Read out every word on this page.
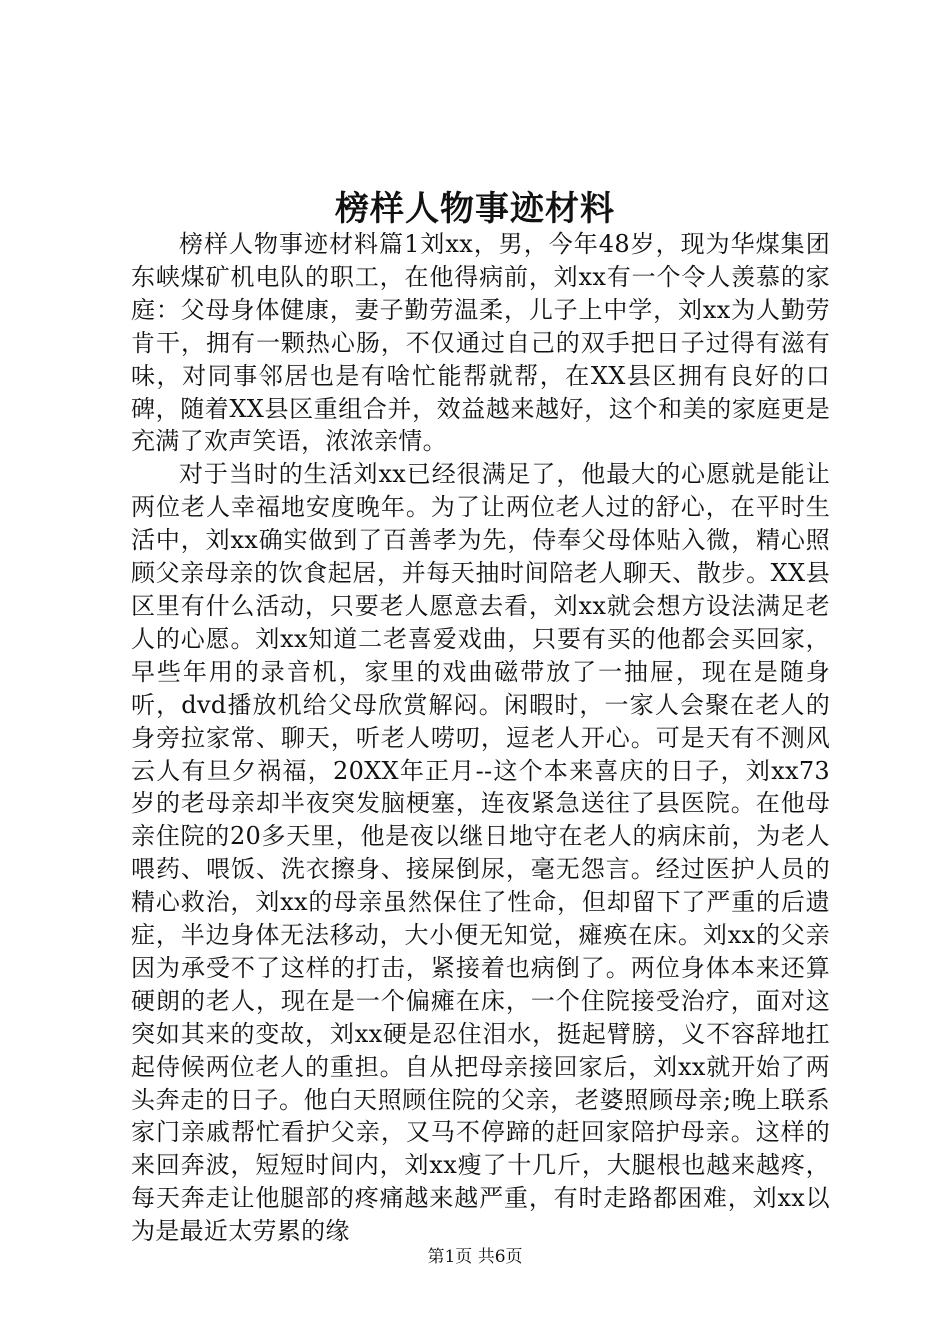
榜样人物事迹材料

榜样人物事迹材料篇1刘xx，男，今年48岁，现为华煤集团东峡煤矿机电队的职工，在他得病前，刘xx有一个令人羡慕的家庭：父母身体健康，妻子勤劳温柔，儿子上中学，刘xx为人勤劳肯干，拥有一颗热心肠，不仅通过自己的双手把日子过得有滋有味，对同事邻居也是有啥忙能帮就帮，在XX县区拥有良好的口碑，随着XX县区重组合并，效益越来越好，这个和美的家庭更是充满了欢声笑语，浓浓亲情。

对于当时的生活刘xx已经很满足了，他最大的心愿就是能让两位老人幸福地安度晚年。为了让两位老人过的舒心，在平时生活中，刘xx确实做到了百善孝为先，侍奉父母体贴入微，精心照顾父亲母亲的饮食起居，并每天抽时间陪老人聊天、散步。XX县区里有什么活动，只要老人愿意去看，刘xx就会想方设法满足老人的心愿。刘xx知道二老喜爱戏曲，只要有买的他都会买回家，早些年用的录音机，家里的戏曲磁带放了一抽屉，现在是随身听，dvd播放机给父母欣赏解闷。闲暇时，一家人会聚在老人的身旁拉家常、聊天，听老人唠叨，逗老人开心。可是天有不测风云人有旦夕祸福，20XX年正月--这个本来喜庆的日子，刘xx73岁的老母亲却半夜突发脑梗塞，连夜紧急送往了县医院。在他母亲住院的20多天里，他是夜以继日地守在老人的病床前，为老人喂药、喂饭、洗衣擦身、接屎倒尿，毫无怨言。经过医护人员的精心救治，刘xx的母亲虽然保住了性命，但却留下了严重的后遗症，半边身体无法移动，大小便无知觉，瘫痪在床。刘xx的父亲因为承受不了这样的打击，紧接着也病倒了。两位身体本来还算硬朗的老人，现在是一个偏瘫在床，一个住院接受治疗，面对这突如其来的变故，刘xx硬是忍住泪水，挺起臂膀，义不容辞地扛起侍候两位老人的重担。自从把母亲接回家后，刘xx就开始了两头奔走的日子。他白天照顾住院的父亲，老婆照顾母亲;晚上联系家门亲戚帮忙看护父亲，又马不停蹄的赶回家陪护母亲。这样的来回奔波，短短时间内，刘xx瘦了十几斤，大腿根也越来越疼，每天奔走让他腿部的疼痛越来越严重，有时走路都困难，刘xx以为是最近太劳累的缘

第1页 共6页
